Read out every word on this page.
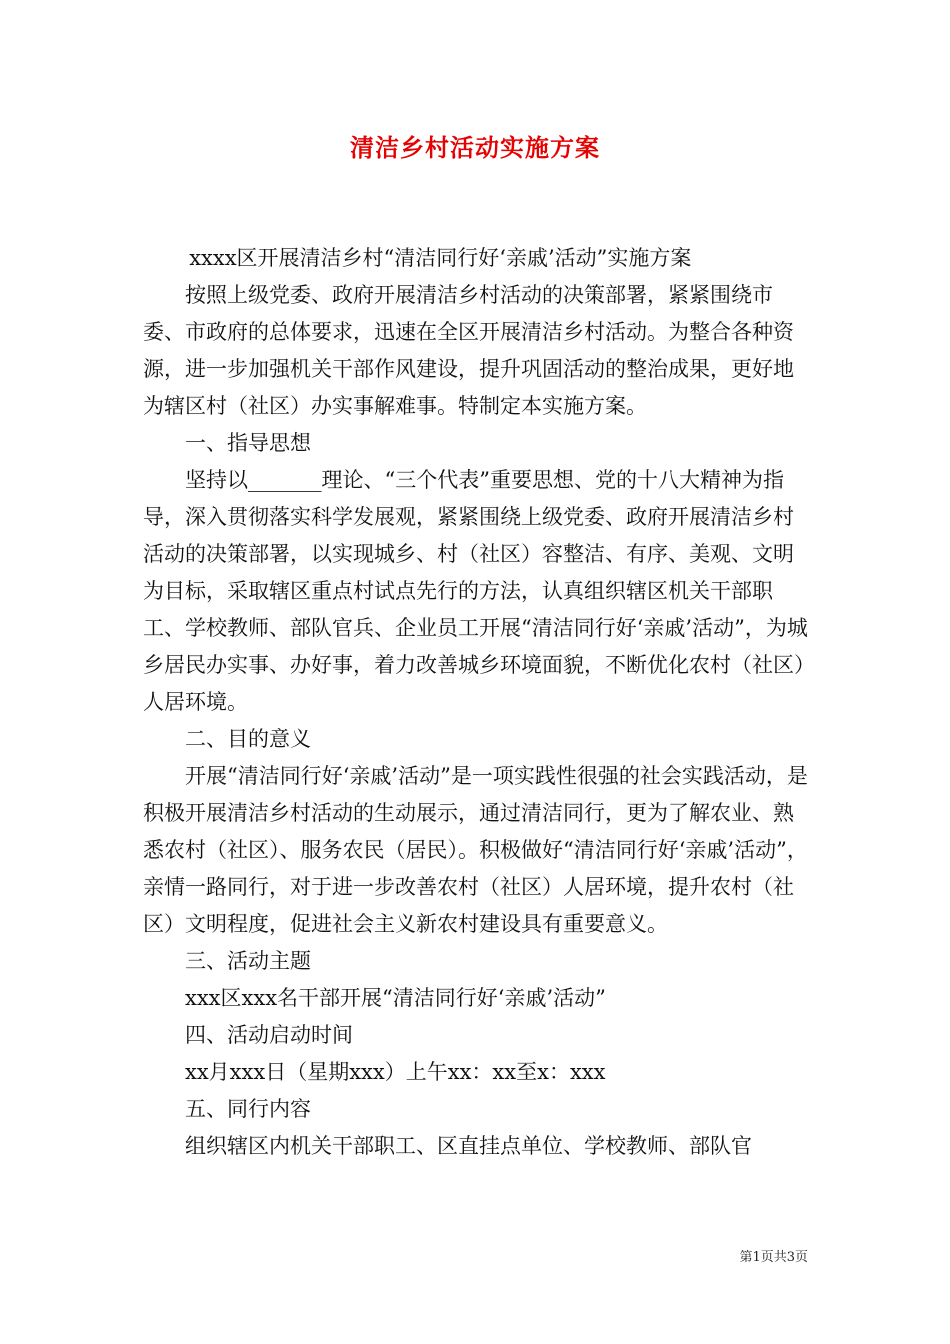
清洁乡村活动实施方案

xxxx区开展清洁乡村“清洁同行好‘亲戚’活动”实施方案

按照上级党委、政府开展清洁乡村活动的决策部署，紧紧围绕市委、市政府的总体要求，迅速在全区开展清洁乡村活动。为整合各种资源，进一步加强机关干部作风建设，提升巩固活动的整治成果，更好地为辖区村（社区）办实事解难事。特制定本实施方案。

一、指导思想

坚持以_______理论、“三个代表”重要思想、党的十八大精神为指导，深入贯彻落实科学发展观，紧紧围绕上级党委、政府开展清洁乡村活动的决策部署，以实现城乡、村（社区）容整洁、有序、美观、文明为目标，采取辖区重点村试点先行的方法，认真组织辖区机关干部职工、学校教师、部队官兵、企业员工开展“清洁同行好‘亲戚’活动”，为城乡居民办实事、办好事，着力改善城乡环境面貌，不断优化农村（社区）人居环境。

二、目的意义

开展“清洁同行好‘亲戚’活动”是一项实践性很强的社会实践活动，是积极开展清洁乡村活动的生动展示，通过清洁同行，更为了解农业、熟悉农村（社区）、服务农民（居民）。积极做好“清洁同行好‘亲戚’活动”，亲情一路同行，对于进一步改善农村（社区）人居环境，提升农村（社区）文明程度，促进社会主义新农村建设具有重要意义。

三、活动主题

xxx区xxx名干部开展“清洁同行好‘亲戚’活动”

四、活动启动时间

xx月xxx日（星期xxx）上午xx：xx至x：xxx

五、同行内容

组织辖区内机关干部职工、区直挂点单位、学校教师、部队官

第1页共3页
